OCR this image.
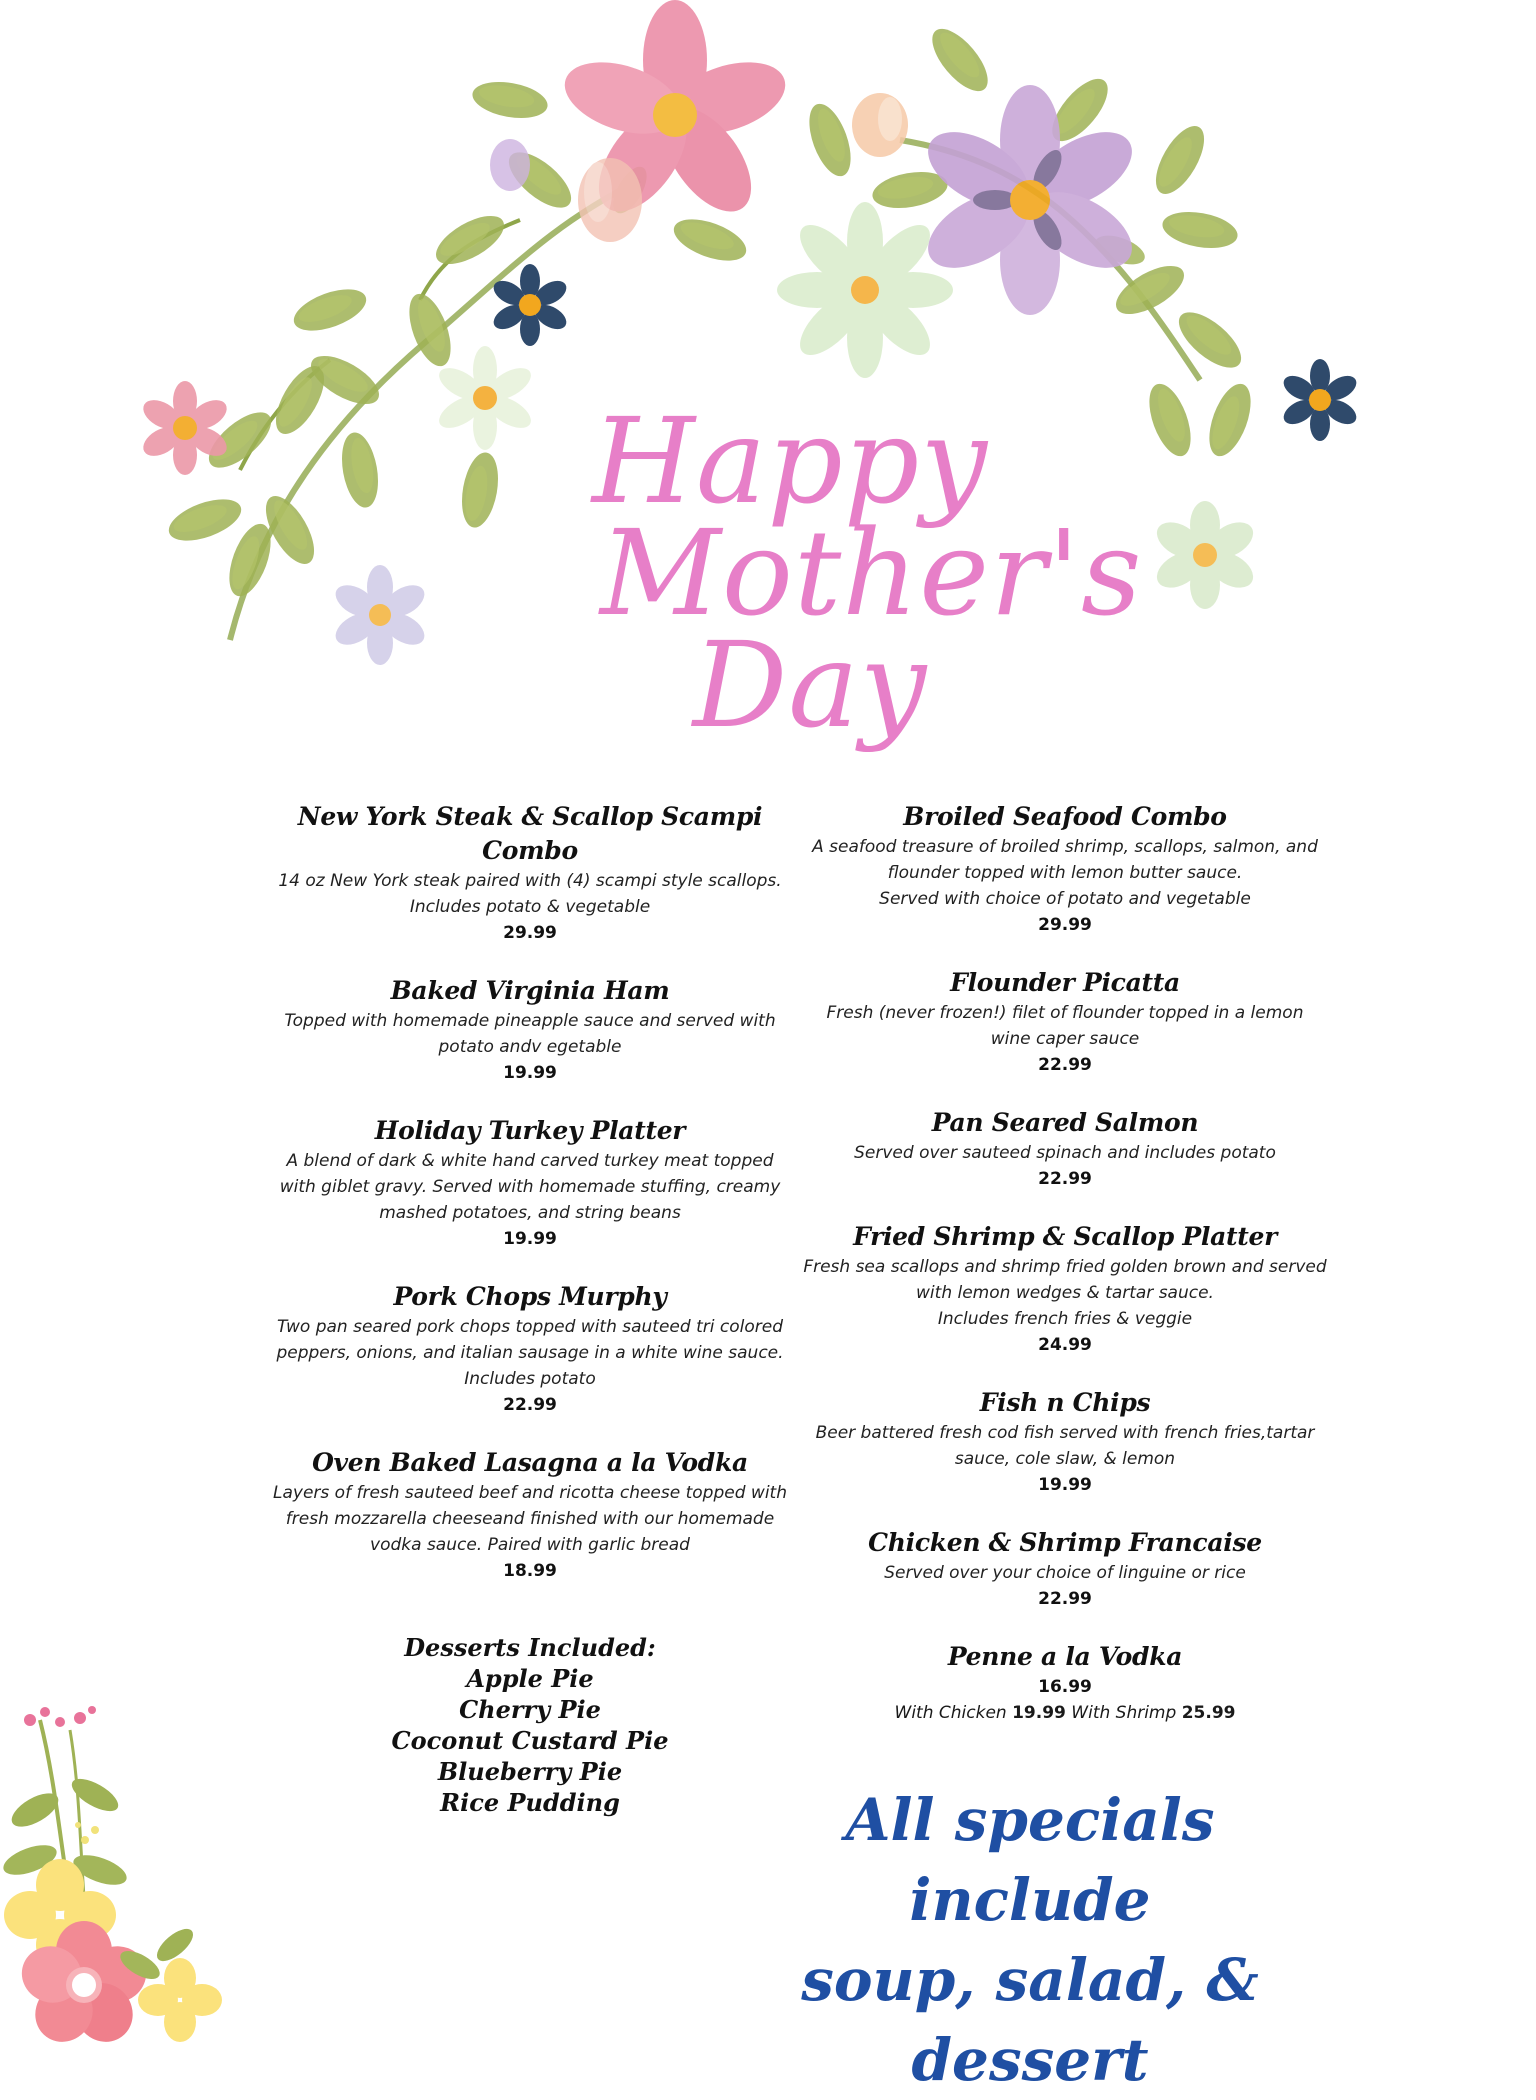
Happy
Mother's
Day
New York Steak & Scallop Scampi Combo
14 oz New York steak paired with (4) scampi style scallops.
Includes potato & vegetable
29.99
Baked Virginia Ham
Topped with homemade pineapple sauce and served with
potato andv egetable
19.99
Holiday Turkey Platter
A blend of dark & white hand carved turkey meat topped
with giblet gravy. Served with homemade stuffing, creamy
mashed potatoes, and string beans
19.99
Pork Chops Murphy
Two pan seared pork chops topped with sauteed tri colored
peppers, onions, and italian sausage in a white wine sauce.
Includes potato
22.99
Oven Baked Lasagna a la Vodka
Layers of fresh sauteed beef and ricotta cheese topped with
fresh mozzarella cheeseand finished with our homemade
vodka sauce. Paired with garlic bread
18.99
Broiled Seafood Combo
A seafood treasure of broiled shrimp, scallops, salmon, and
flounder topped with lemon butter sauce.
Served with choice of potato and vegetable
29.99
Flounder Picatta
Fresh (never frozen!) filet of flounder topped in a lemon
wine caper sauce
22.99
Pan Seared Salmon
Served over sauteed spinach and includes potato
22.99
Fried Shrimp & Scallop Platter
Fresh sea scallops and shrimp fried golden brown and served
with lemon wedges & tartar sauce.
Includes french fries & veggie
24.99
Fish n Chips
Beer battered fresh cod fish served with french fries,tartar
sauce, cole slaw, & lemon
19.99
Chicken & Shrimp Francaise
Served over your choice of linguine or rice
22.99
Penne a la Vodka
16.99
With Chicken 19.99 With Shrimp 25.99
Desserts Included:
Apple Pie
Cherry Pie
Coconut Custard Pie
Blueberry Pie
Rice Pudding	All specials include
soup, salad, &
dessert
